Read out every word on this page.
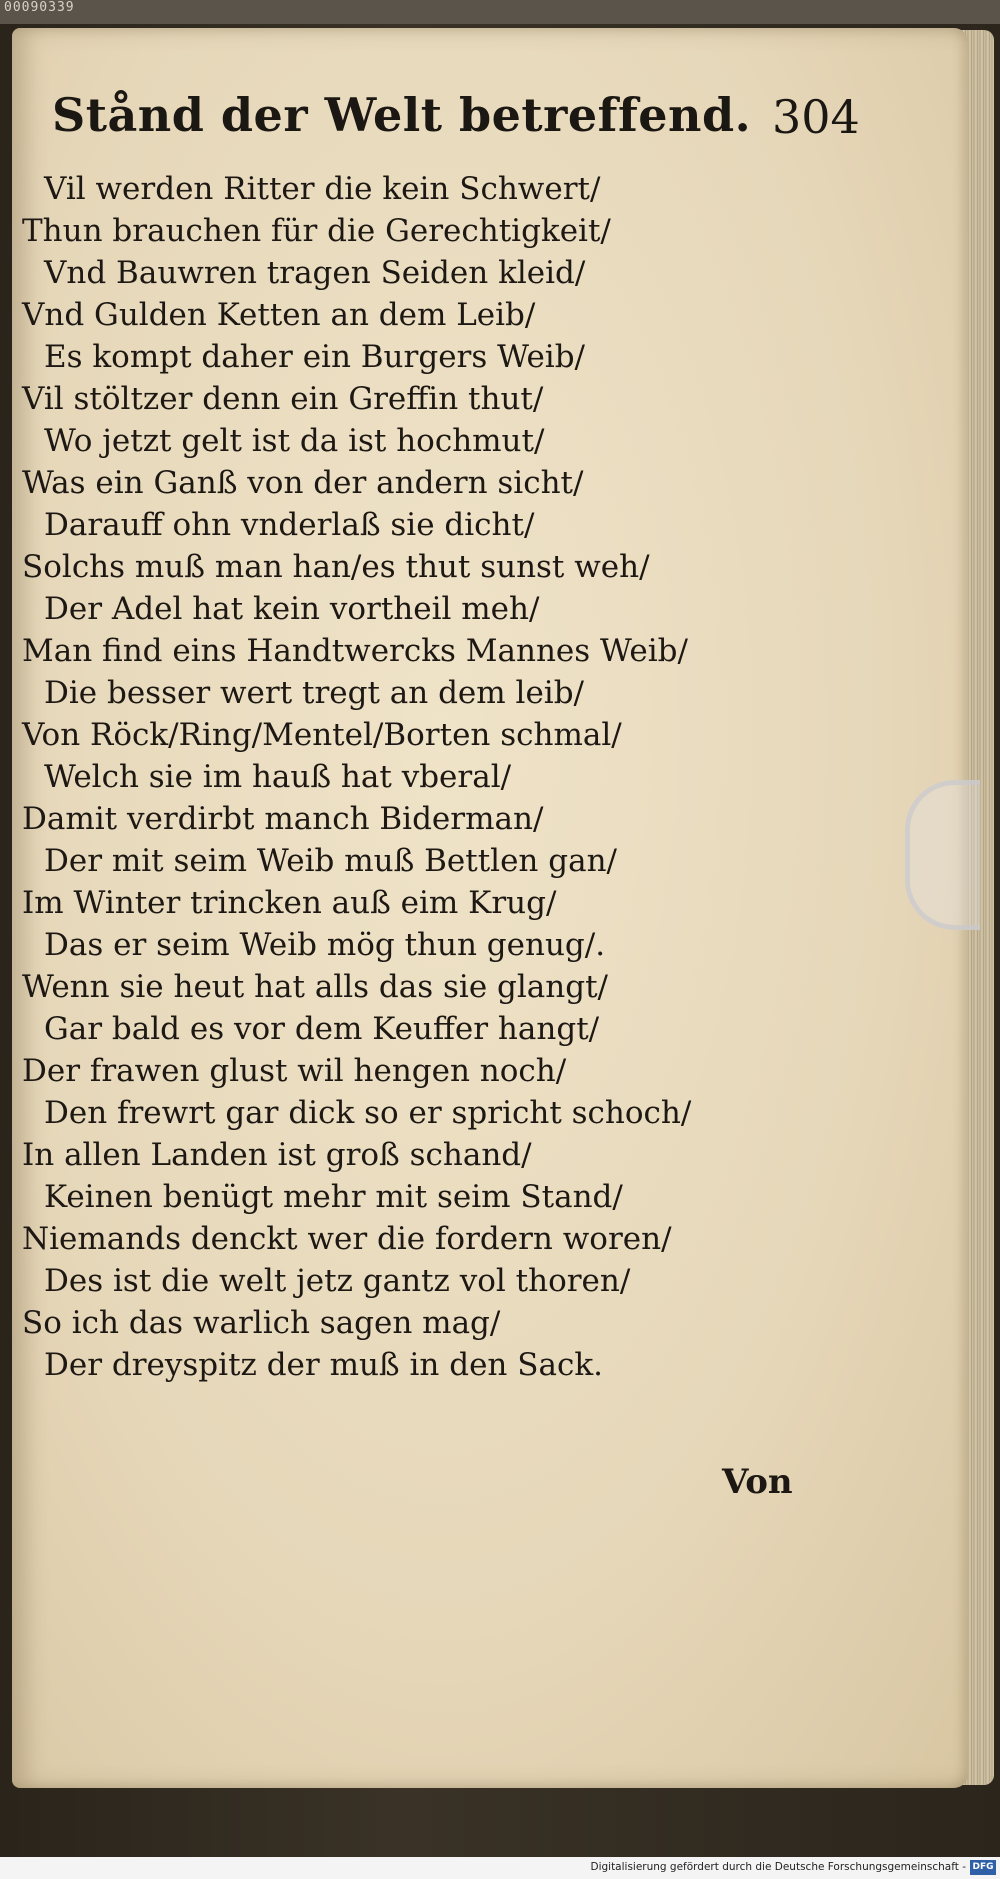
00090339
Stånd der Welt betreffend. 304
Vil werden Ritter die kein Schwert/
Thun brauchen für die Gerechtigkeit/
Vnd Bauwren tragen Seiden kleid/
Vnd Gulden Ketten an dem Leib/
Es kompt daher ein Burgers Weib/
Vil stöltzer denn ein Greffin thut/
Wo jetzt gelt ist da ist hochmut/
Was ein Ganß von der andern sicht/
Darauff ohn vnderlaß sie dicht/
Solchs muß man han/es thut sunst weh/
Der Adel hat kein vortheil meh/
Man find eins Handtwercks Mannes Weib/
Die besser wert tregt an dem leib/
Von Röck/Ring/Mentel/Borten schmal/
Welch sie im hauß hat vberal/
Damit verdirbt manch Biderman/
Der mit seim Weib muß Bettlen gan/
Im Winter trincken auß eim Krug/
Das er seim Weib mög thun genug/.
Wenn sie heut hat alls das sie glangt/
Gar bald es vor dem Keuffer hangt/
Der frawen glust wil hengen noch/
Den frewrt gar dick so er spricht schoch/
In allen Landen ist groß schand/
Keinen benügt mehr mit seim Stand/
Niemands denckt wer die fordern woren/
Des ist die welt jetz gantz vol thoren/
So ich das warlich sagen mag/
Der dreyspitz der muß in den Sack.
Von
Digitalisierung gefördert durch die Deutsche Forschungsgemeinschaft - DFG
